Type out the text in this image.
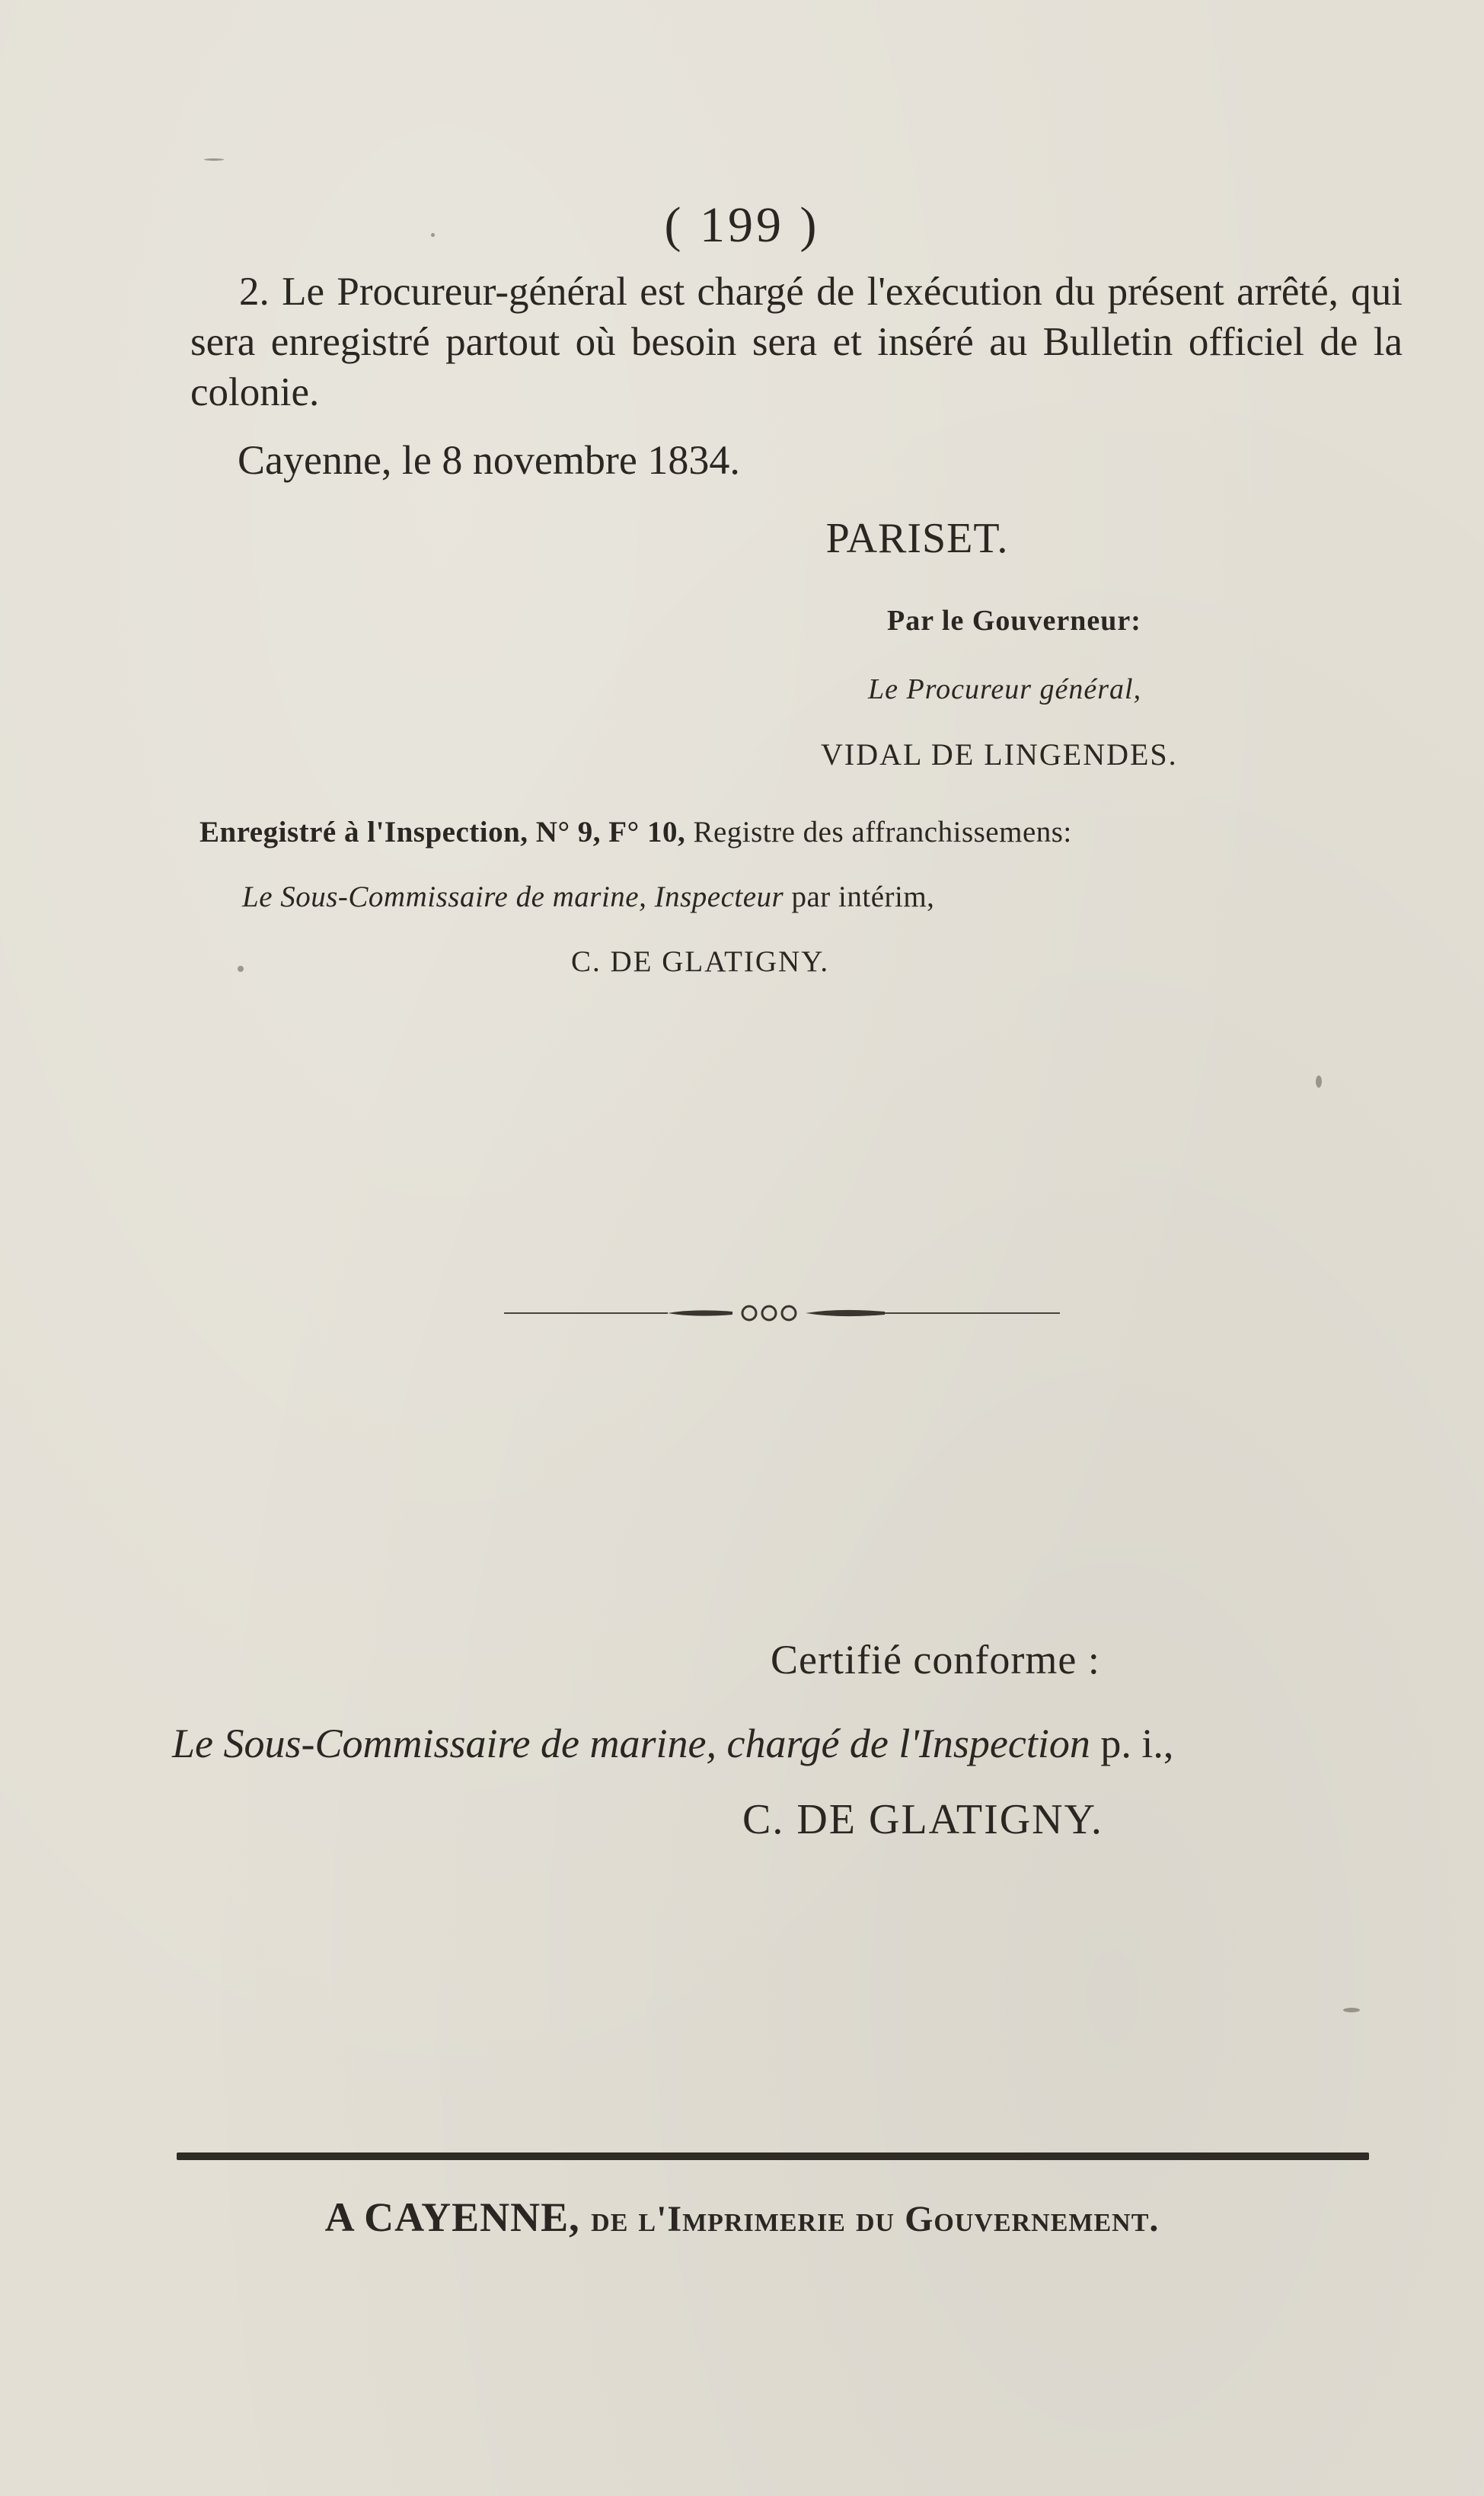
( 199 )

2. Le Procureur-général est chargé de l'exécution du présent arrêté, qui sera enregistré partout où besoin sera et inséré au Bulletin officiel de la colonie.

Cayenne, le 8 novembre 1834.
PARISET.
Par le Gouverneur:
Le Procureur général,
VIDAL DE LINGENDES.
Enregistré à l'Inspection, N° 9, F° 10, Registre des affranchissemens:
Le Sous-Commissaire de marine, Inspecteur par intérim,
C. DE GLATIGNY.
Certifié conforme :
Le Sous-Commissaire de marine, chargé de l'Inspection p. i.,
C. DE GLATIGNY.
A CAYENNE, de l'Imprimerie du Gouvernement.
